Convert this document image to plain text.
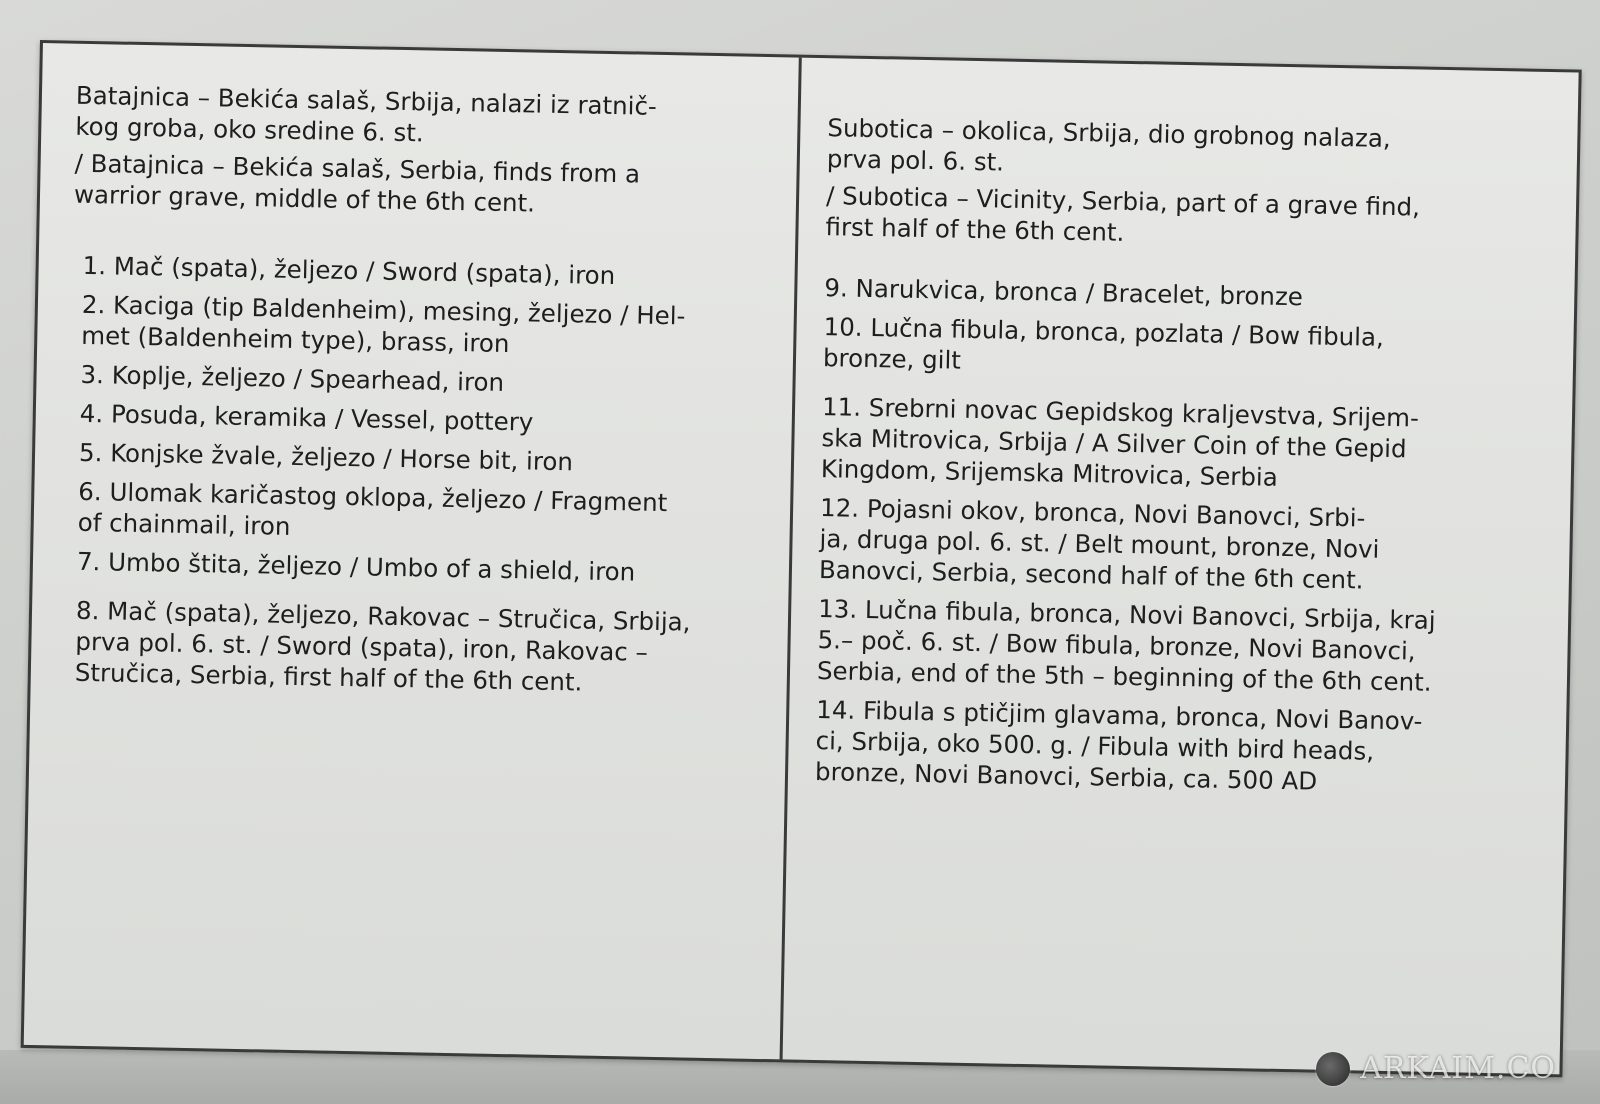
Batajnica – Bekića salaš, Srbija, nalazi iz ratnič-
kog groba, oko sredine 6. st.

/ Batajnica – Bekića salaš, Serbia, finds from a
warrior grave, middle of the 6th cent.

1. Mač (spata), željezo / Sword (spata), iron

2. Kaciga (tip Baldenheim), mesing, željezo / Hel-
met (Baldenheim type), brass, iron

3. Koplje, željezo / Spearhead, iron

4. Posuda, keramika / Vessel, pottery

5. Konjske žvale, željezo / Horse bit, iron

6. Ulomak karičastog oklopa, željezo / Fragment
of chainmail, iron

7. Umbo štita, željezo / Umbo of a shield, iron

8. Mač (spata), željezo, Rakovac – Stručica, Srbija,
prva pol. 6. st. / Sword (spata), iron, Rakovac –
Stručica, Serbia, first half of the 6th cent.

Subotica – okolica, Srbija, dio grobnog nalaza,
prva pol. 6. st.

/ Subotica – Vicinity, Serbia, part of a grave find,
first half of the 6th cent.

9. Narukvica, bronca / Bracelet, bronze

10. Lučna fibula, bronca, pozlata / Bow fibula,
bronze, gilt

11. Srebrni novac Gepidskog kraljevstva, Srijem-
ska Mitrovica, Srbija / A Silver Coin of the Gepid
Kingdom, Srijemska Mitrovica, Serbia

12. Pojasni okov, bronca, Novi Banovci, Srbi-
ja, druga pol. 6. st. / Belt mount, bronze, Novi
Banovci, Serbia, second half of the 6th cent.

13. Lučna fibula, bronca, Novi Banovci, Srbija, kraj
5.– poč. 6. st. / Bow fibula, bronze, Novi Banovci,
Serbia, end of the 5th – beginning of the 6th cent.

14. Fibula s ptičjim glavama, bronca, Novi Banov-
ci, Srbija, oko 500. g. / Fibula with bird heads,
bronze, Novi Banovci, Serbia, ca. 500 AD

ARKAIM.CO
